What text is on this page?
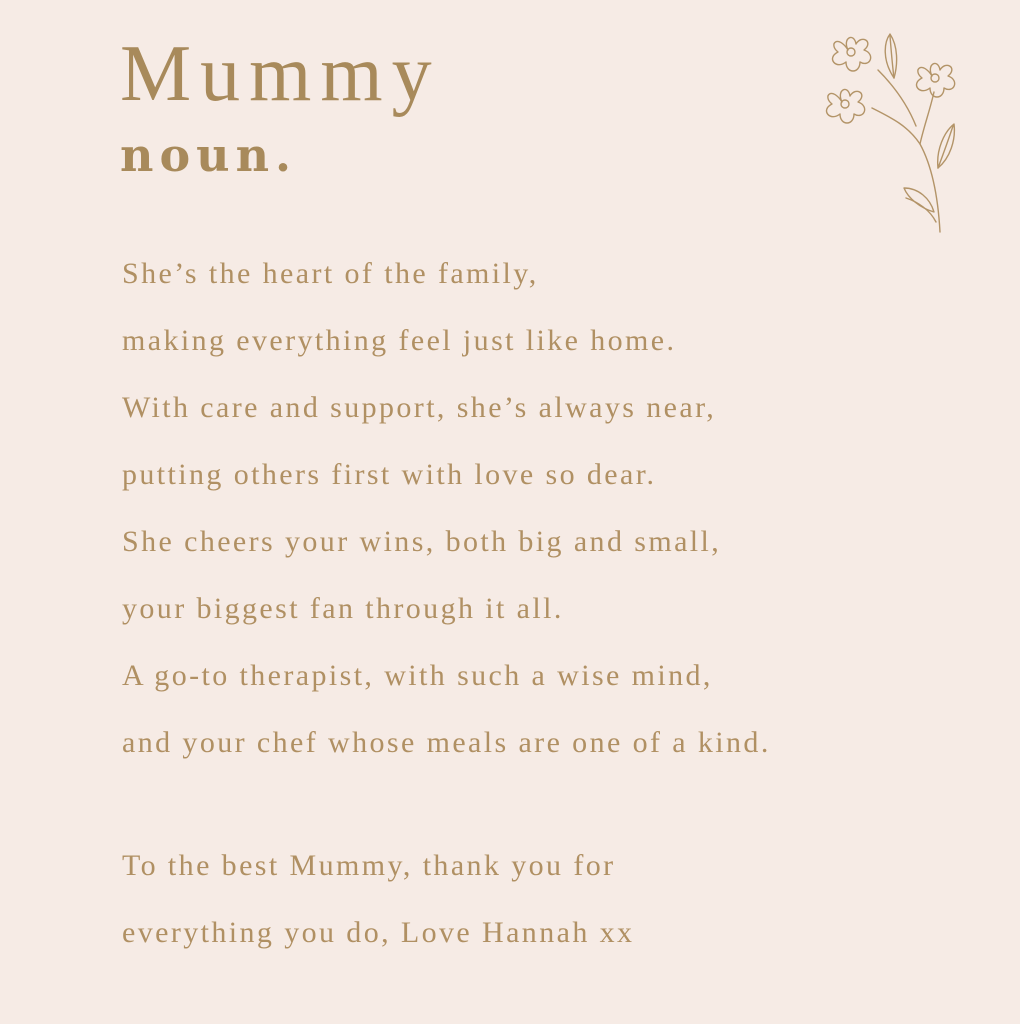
Mummy
noun.
She’s the heart of the family,
making everything feel just like home.
With care and support, she’s always near,
putting others first with love so dear.
She cheers your wins, both big and small,
your biggest fan through it all.
A go-to therapist, with such a wise mind,
and your chef whose meals are one of a kind.
To the best Mummy, thank you for
everything you do, Love Hannah xx
